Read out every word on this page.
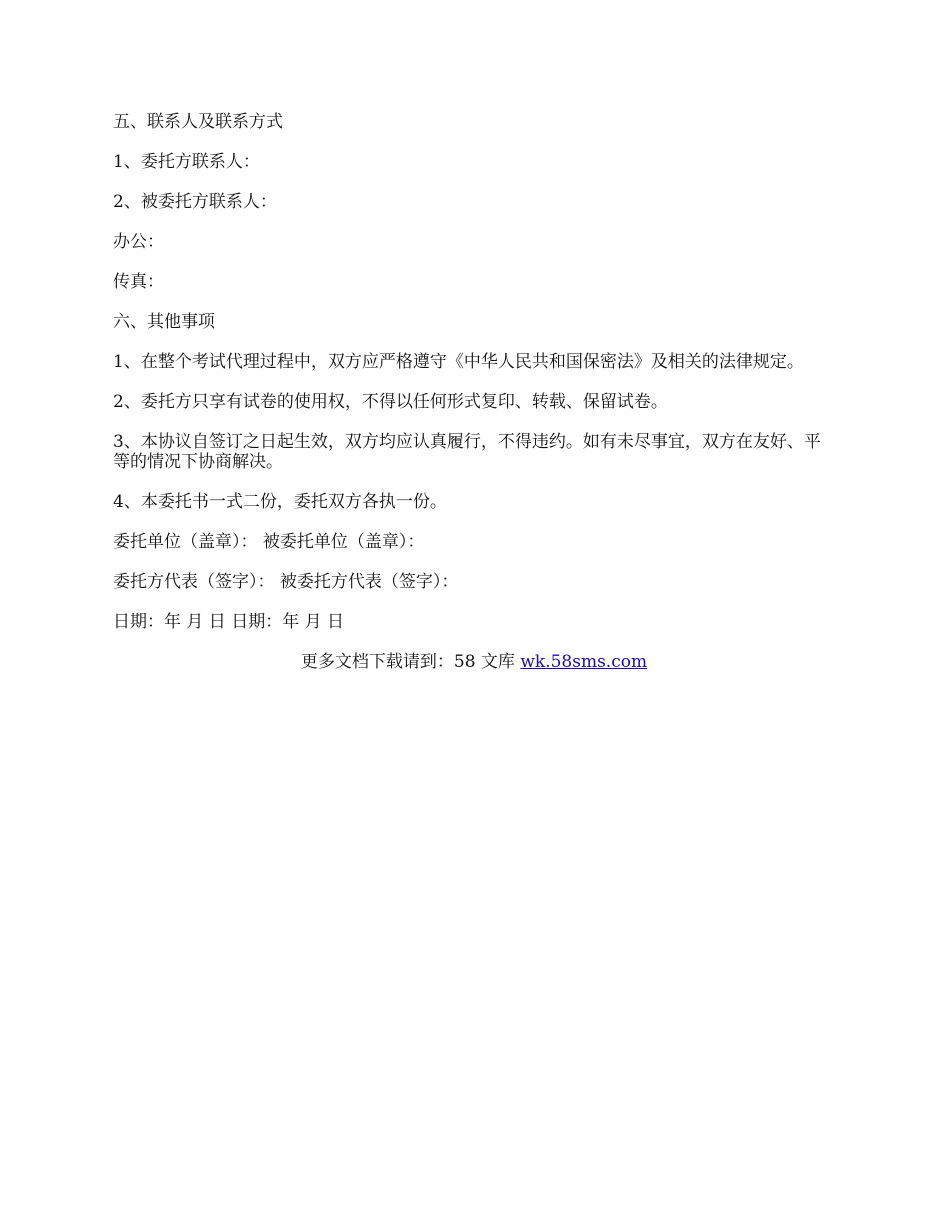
五、联系人及联系方式

1、委托方联系人：

2、被委托方联系人：

办公：

传真：

六、其他事项

1、在整个考试代理过程中，双方应严格遵守《中华人民共和国保密法》及相关的法律规定。

2、委托方只享有试卷的使用权，不得以任何形式复印、转载、保留试卷。

3、本协议自签订之日起生效，双方均应认真履行，不得违约。如有未尽事宜，双方在友好、平等的情况下协商解决。

4、本委托书一式二份，委托双方各执一份。

委托单位（盖章）： 被委托单位（盖章）：

委托方代表（签字）： 被委托方代表（签字）：

日期：年 月 日 日期：年 月 日

更多文档下载请到：58 文库 wk.58sms.com
